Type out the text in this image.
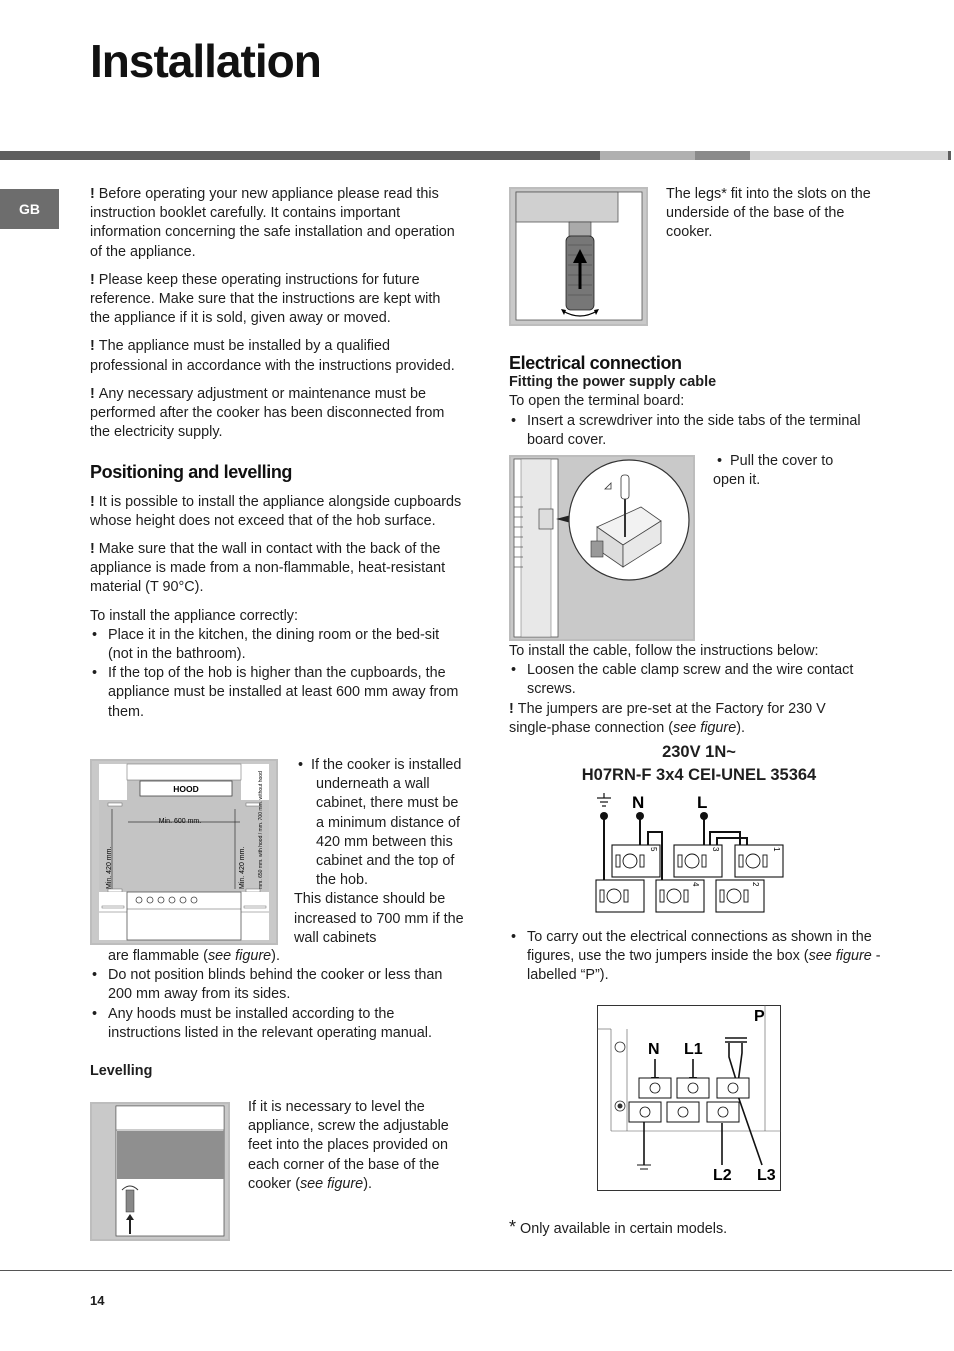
Installation
GB

! Before operating your new appliance please read this instruction booklet carefully. It contains important information concerning the safe installation and operation of the appliance.

! Please keep these operating instructions for future reference. Make sure that the instructions are kept with the appliance if it is sold, given away or moved.

! The appliance must be installed by a qualified professional in accordance with the instructions provided.

! Any necessary adjustment or maintenance must be performed after the cooker has been disconnected from the electricity supply.

Positioning and levelling

! It is possible to install the appliance alongside cupboards whose height does not exceed that of the hob surface.

! Make sure that the wall in contact with the back of the appliance is made from a non-flammable, heat-resistant material (T 90°C).

To install the appliance correctly:

• Place it in the kitchen, the dining room or the bed-sit (not in the bathroom).
• If the top of the hob is higher than the cupboards, the appliance must be installed at least 600 mm away from them.
HOOD
Min. 600 mm.
Min. 420 mm.	Min. 420 mm. mm. 650 mm. with hood / mm. 700 mm. without hood

•  If the cooker is installed underneath a wall cabinet, there must be a minimum distance of 420 mm between this cabinet and the top of the hob.

This distance should be increased to 700 mm if the wall cabinets

are flammable (see figure).

• Do not position blinds behind the cooker or less than 200 mm away from its sides.
• Any hoods must be installed according to the instructions listed in the relevant operating manual.
Levelling

If it is necessary to level the appliance, screw the adjustable feet into the places provided on each corner of the base of the cooker (see figure).

The legs* fit into the slots on the underside of the base of the cooker.
Electrical connection
Fitting the power supply cable

To open the terminal board:

• Insert a screwdriver into the side tabs of the terminal board cover.

•  Pull the cover to open it.

To install the cable, follow the instructions below:

• Loosen the cable clamp screw and the wire contact screws.

! The jumpers are pre-set at the Factory for 230 V single-phase connection (see figure).

230V 1N~
H07RN-F 3x4 CEI-UNEL 35364
N	L
5	3	1
4	2
• To carry out the electrical connections as shown in the figures, use the two jumpers inside the box (see figure - labelled “P”).
P
N L1
L2 L3
* Only available in certain models.
14
